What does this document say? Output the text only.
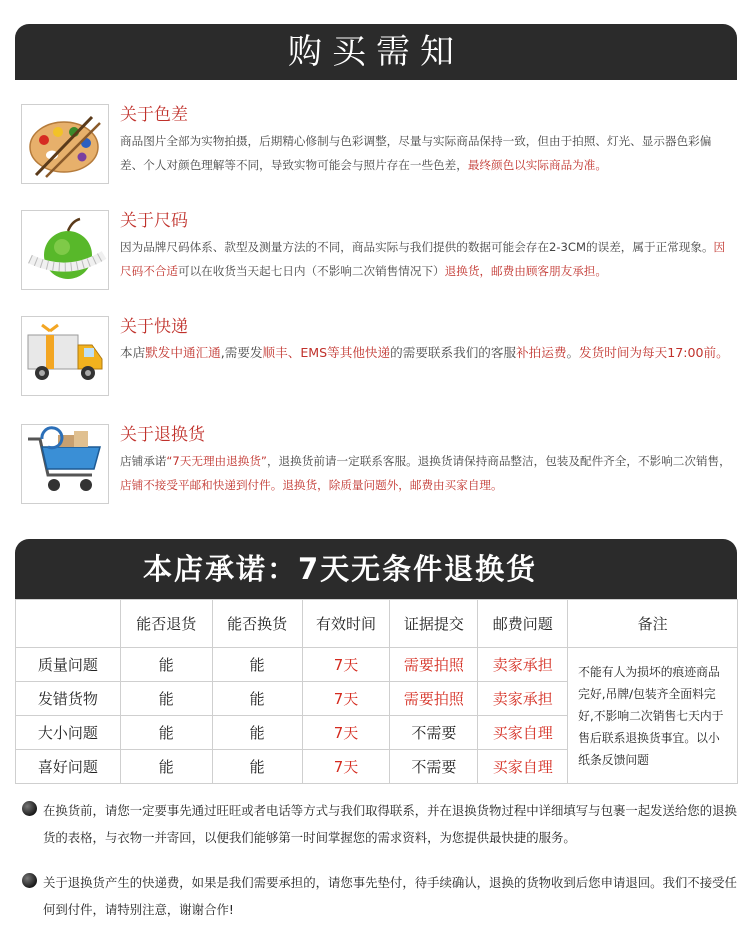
购买需知
关于色差
商品图片全部为实物拍摄，后期精心修制与色彩调整，尽量与实际商品保持一致，但由于拍照、灯光、显示器色彩偏差、个人对颜色理解等不同，导致实物可能会与照片存在一些色差，最终颜色以实际商品为准。
关于尺码
因为品牌尺码体系、款型及测量方法的不同，商品实际与我们提供的数据可能会存在2-3CM的误差，属于正常现象。因尺码不合适可以在收货当天起七日内（不影响二次销售情况下）退换货，邮费由顾客朋友承担。
关于快递
本店默发中通汇通,需要发顺丰、EMS等其他快递的需要联系我们的客服补拍运费。发货时间为每天17:00前。
关于退换货
店铺承诺“7天无理由退换货”，退换货前请一定联系客服。退换货请保持商品整洁，包装及配件齐全，不影响二次销售，店铺不接受平邮和快递到付件。退换货，除质量问题外，邮费由买家自理。
本店承诺：7天无条件退换货
	能否退货	能否换货	有效时间	证据提交	邮费问题	备注
质量问题	能	能	7天	需要拍照	卖家承担	不能有人为损坏的痕迹商品完好,吊牌/包装齐全面料完好,不影响二次销售七天内于售后联系退换货事宜。以小纸条反馈问题
发错货物	能	能	7天	需要拍照	卖家承担	
大小问题	能	能	7天	不需要	买家自理	
喜好问题	能	能	7天	不需要	买家自理	
在换货前，请您一定要事先通过旺旺或者电话等方式与我们取得联系，并在退换货物过程中详细填写与包裹一起发送给您的退换货的表格，与衣物一并寄回，以便我们能够第一时间掌握您的需求资料，为您提供最快捷的服务。
关于退换货产生的快递费，如果是我们需要承担的，请您事先垫付，待手续确认，退换的货物收到后您申请退回。我们不接受任何到付件，请特别注意，谢谢合作!
